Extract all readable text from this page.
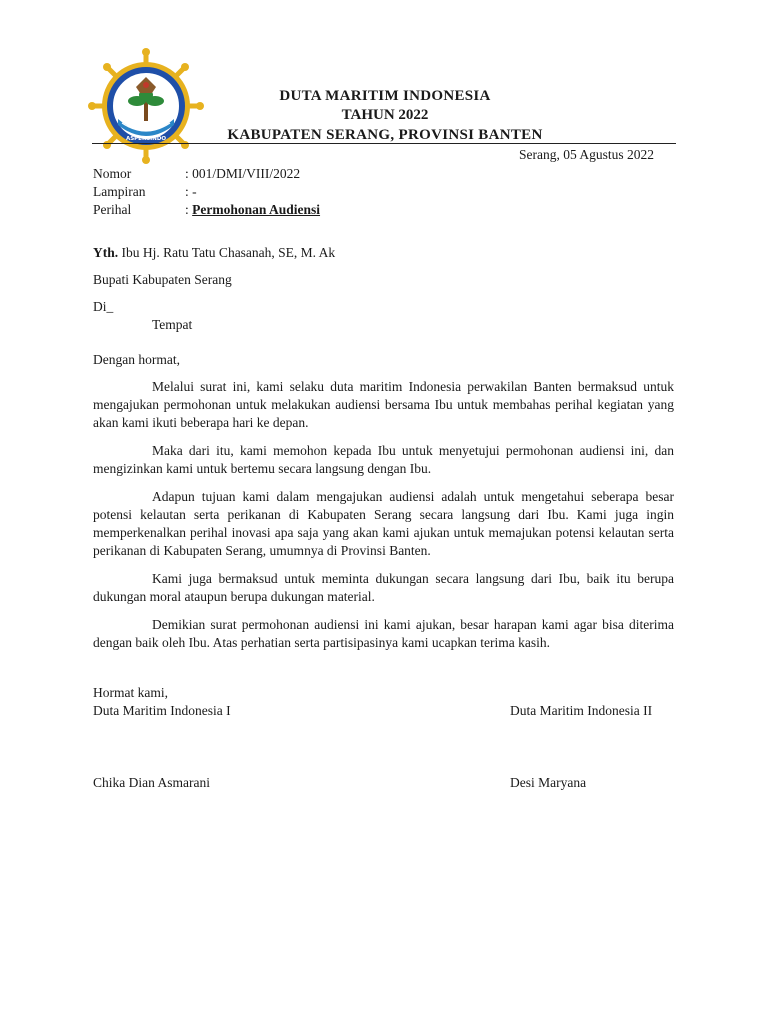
ASPEKSINDO
DUTA MARITIM INDONESIA
TAHUN 2022
KABUPATEN SERANG, PROVINSI BANTEN
Serang, 05 Agustus 2022
Nomor	: 001/DMI/VIII/2022
Lampiran	: -
Perihal	: Permohonan Audiensi
Yth. Ibu Hj. Ratu Tatu Chasanah, SE, M. Ak
Bupati Kabupaten Serang
Di_
Tempat
Dengan hormat,

Melalui surat ini, kami selaku duta maritim Indonesia perwakilan Banten bermaksud untuk mengajukan permohonan untuk melakukan audiensi bersama Ibu untuk membahas perihal kegiatan yang akan kami ikuti beberapa hari ke depan.

Maka dari itu, kami memohon kepada Ibu untuk menyetujui permohonan audiensi ini, dan mengizinkan kami untuk bertemu secara langsung dengan Ibu.

Adapun tujuan kami dalam mengajukan audiensi adalah untuk mengetahui seberapa besar potensi kelautan serta perikanan di Kabupaten Serang secara langsung dari Ibu. Kami juga ingin memperkenalkan perihal inovasi apa saja yang akan kami ajukan untuk memajukan potensi kelautan serta perikanan di Kabupaten Serang, umumnya di Provinsi Banten.

Kami juga bermaksud untuk meminta dukungan secara langsung dari Ibu, baik itu berupa dukungan moral ataupun berupa dukungan material.

Demikian surat permohonan audiensi ini kami ajukan, besar harapan kami agar bisa diterima dengan baik oleh Ibu. Atas perhatian serta partisipasinya kami ucapkan terima kasih.

Hormat kami,
Duta Maritim Indonesia I	Duta Maritim Indonesia II
Chika Dian Asmarani	Desi Maryana
